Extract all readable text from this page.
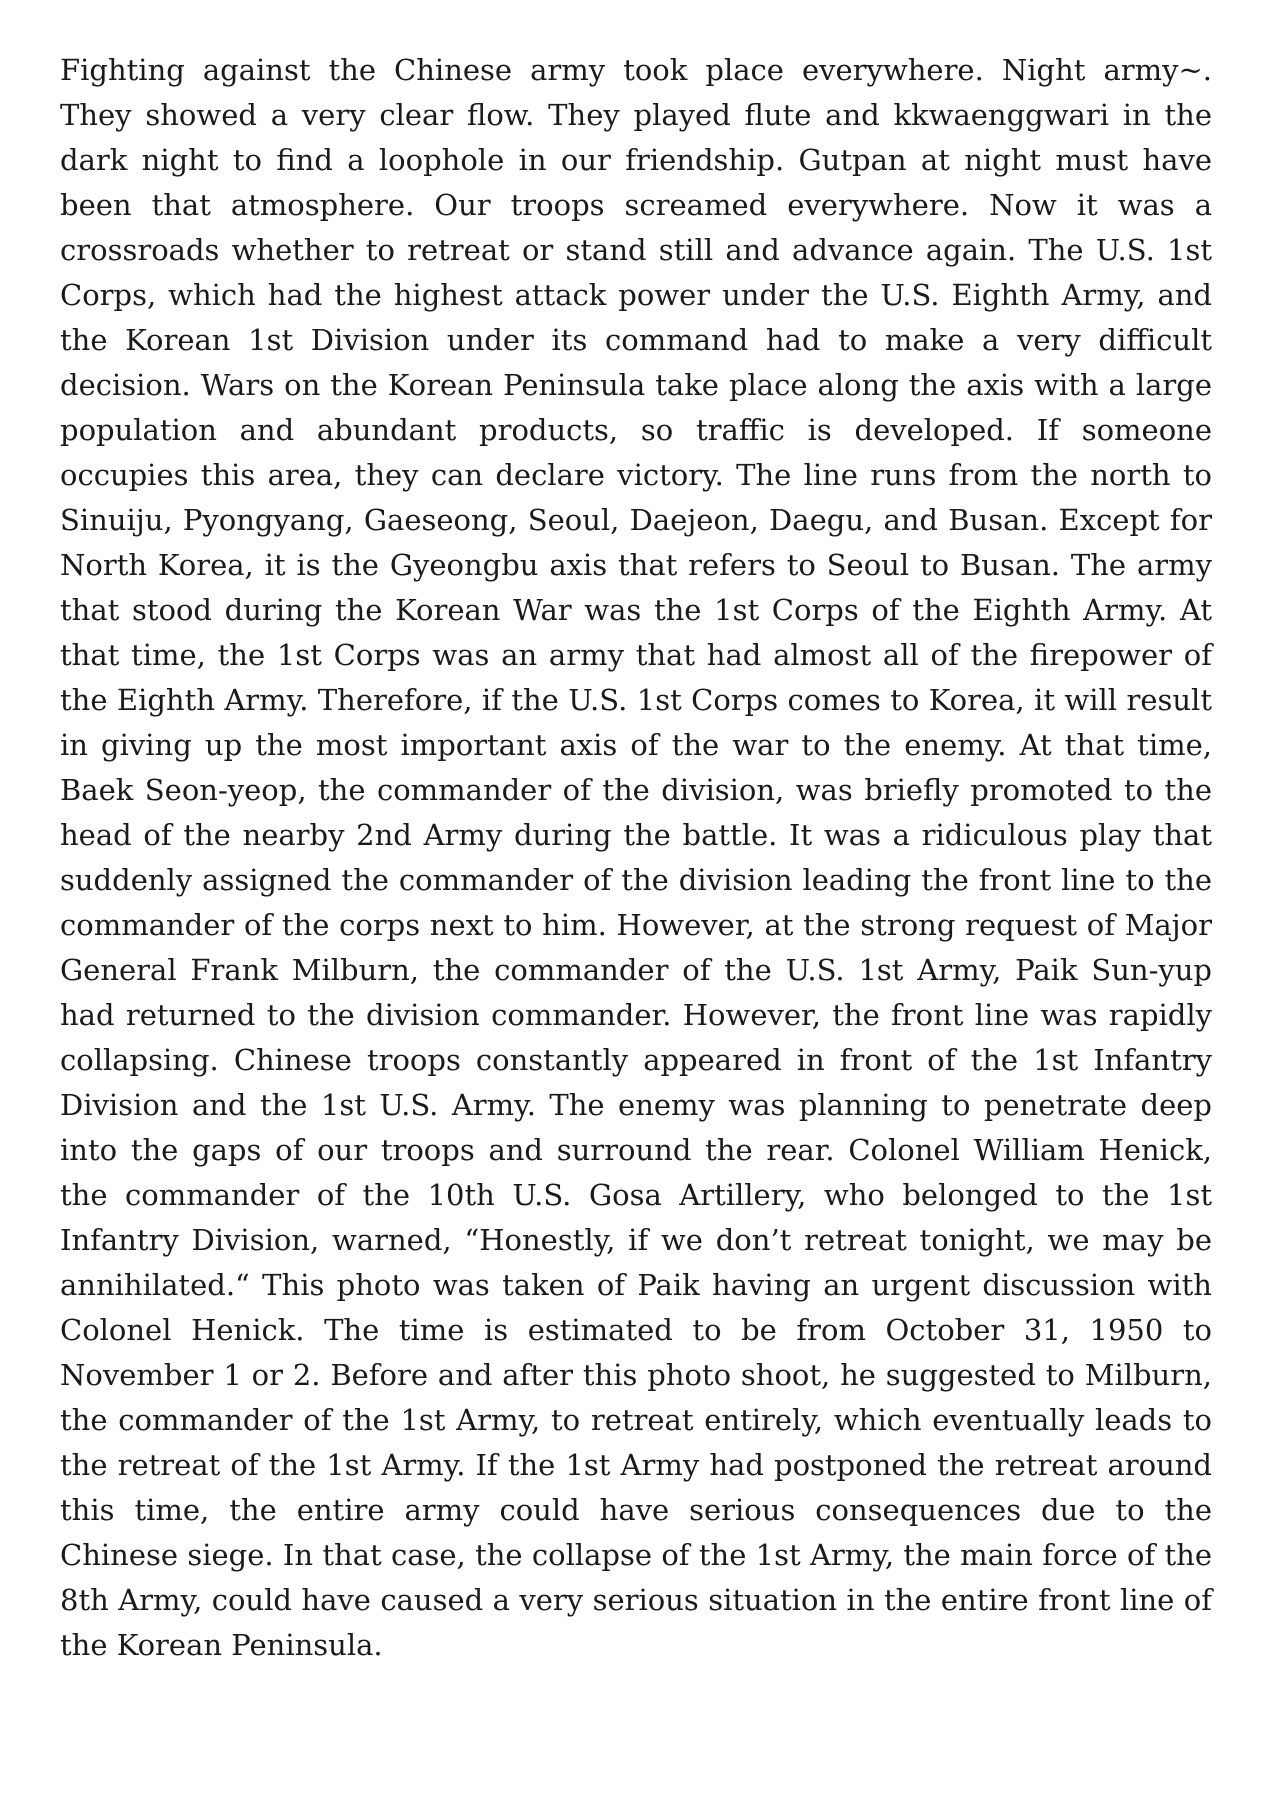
Fighting against the Chinese army took place everywhere. Night army~. They showed a very clear flow. They played flute and kkwaenggwari in the dark night to find a loophole in our friendship. Gutpan at night must have been that atmosphere. Our troops screamed everywhere. Now it was a crossroads whether to retreat or stand still and advance again. The U.S. 1st Corps, which had the highest attack power under the U.S. Eighth Army, and the Korean 1st Division under its command had to make a very difficult decision. Wars on the Korean Peninsula take place along the axis with a large population and abundant products, so traffic is developed. If someone occupies this area, they can declare victory. The line runs from the north to Sinuiju, Pyongyang, Gaeseong, Seoul, Daejeon, Daegu, and Busan. Except for North Korea, it is the Gyeongbu axis that refers to Seoul to Busan. The army that stood during the Korean War was the 1st Corps of the Eighth Army. At that time, the 1st Corps was an army that had almost all of the firepower of the Eighth Army. Therefore, if the U.S. 1st Corps comes to Korea, it will result in giving up the most important axis of the war to the enemy. At that time, Baek Seon-yeop, the commander of the division, was briefly promoted to the head of the nearby 2nd Army during the battle. It was a ridiculous play that suddenly assigned the commander of the division leading the front line to the commander of the corps next to him. However, at the strong request of Major General Frank Milburn, the commander of the U.S. 1st Army, Paik Sun-yup had returned to the division commander. However, the front line was rapidly collapsing. Chinese troops constantly appeared in front of the 1st Infantry Division and the 1st U.S. Army. The enemy was planning to penetrate deep into the gaps of our troops and surround the rear. Colonel William Henick, the commander of the 10th U.S. Gosa Artillery, who belonged to the 1st Infantry Division, warned, “Honestly, if we don’t retreat tonight, we may be annihilated.“ This photo was taken of Paik having an urgent discussion with Colonel Henick. The time is estimated to be from October 31, 1950 to November 1 or 2. Before and after this photo shoot, he suggested to Milburn, the commander of the 1st Army, to retreat entirely, which eventually leads to the retreat of the 1st Army. If the 1st Army had postponed the retreat around this time, the entire army could have serious consequences due to the Chinese siege. In that case, the collapse of the 1st Army, the main force of the 8th Army, could have caused a very serious situation in the entire front line of the Korean Peninsula.
